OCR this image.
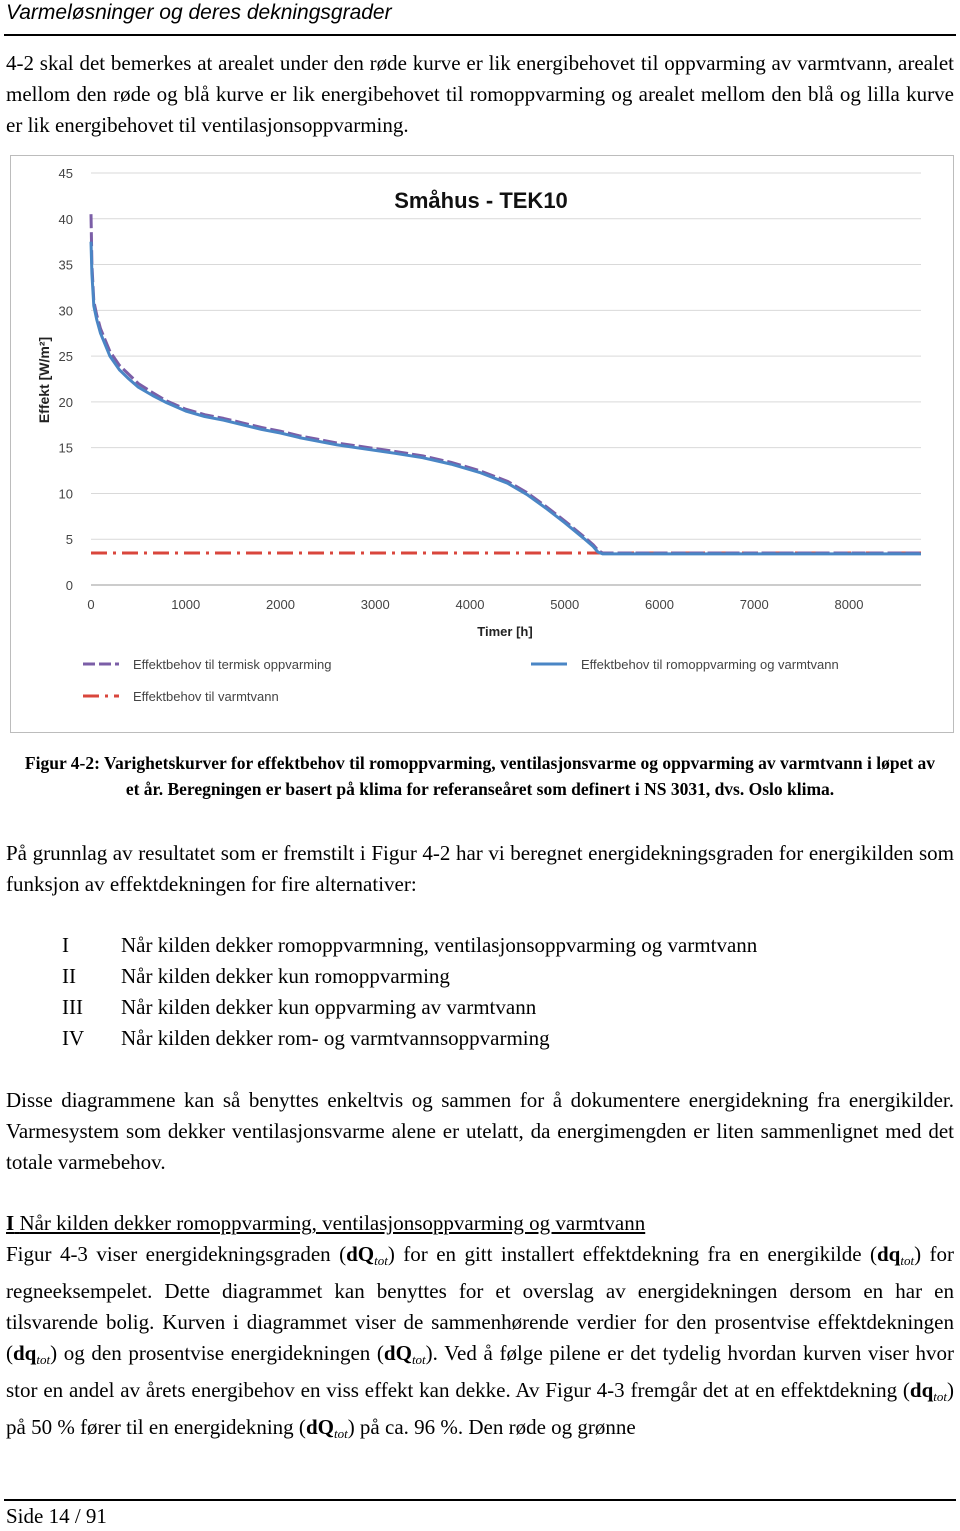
Varmeløsninger og deres dekningsgrader
4-2 skal det bemerkes at arealet under den røde kurve er lik energibehovet til oppvarming av varmtvann, arealet mellom den røde og blå kurve er lik energibehovet til romoppvarming og arealet mellom den blå og lilla kurve er lik energibehovet til ventilasjonsoppvarming.
0
5
10
15
20
25
30
35
40
45
0	1000	2000	3000	4000	5000	6000	7000	8000
Småhus - TEK10
Timer [h]
Effekt [W/m²]
Effektbehov til termisk oppvarming	Effektbehov til romoppvarming og varmtvann
Effektbehov til varmtvann
Figur 4-2: Varighetskurver for effektbehov til romoppvarming, ventilasjonsvarme og oppvarming av varmtvann i løpet av et år. Beregningen er basert på klima for referanseåret som definert i NS 3031, dvs. Oslo klima.
På grunnlag av resultatet som er fremstilt i Figur 4-2 har vi beregnet energidekningsgraden for energikilden som funksjon av effektdekningen for fire alternativer:
I	Når kilden dekker romoppvarmning, ventilasjonsoppvarming og varmtvann
II	Når kilden dekker kun romoppvarming
III	Når kilden dekker kun oppvarming av varmtvann
IV	Når kilden dekker rom- og varmtvannsoppvarming
Disse diagrammene kan så benyttes enkeltvis og sammen for å dokumentere energidekning fra energikilder. Varmesystem som dekker ventilasjonsvarme alene er utelatt, da energimengden er liten sammenlignet med det totale varmebehov.
I Når kilden dekker romoppvarming, ventilasjonsoppvarming og varmtvann
Figur 4-3 viser energidekningsgraden $(dQ_{tot})$ for en gitt installert effektdekning fra en energikilde $(dq_{tot})$ for regneeksempelet. Dette diagrammet kan benyttes for et overslag av energidekningen dersom en har en tilsvarende bolig. Kurven i diagrammet viser de sammenhørende verdier for den prosentvise effektdekningen $(dq_{tot})$ og den prosentvise energidekningen $(dQ_{tot})$. Ved å følge pilene er det tydelig hvordan kurven viser hvor stor en andel av årets energibehov en viss effekt kan dekke. Av Figur 4-3 fremgår det at en effektdekning $(dq_{tot})$ på 50 % fører til en energidekning $(dQ_{tot})$ på ca. 96 %. Den røde og grønne
Side 14 / 91
